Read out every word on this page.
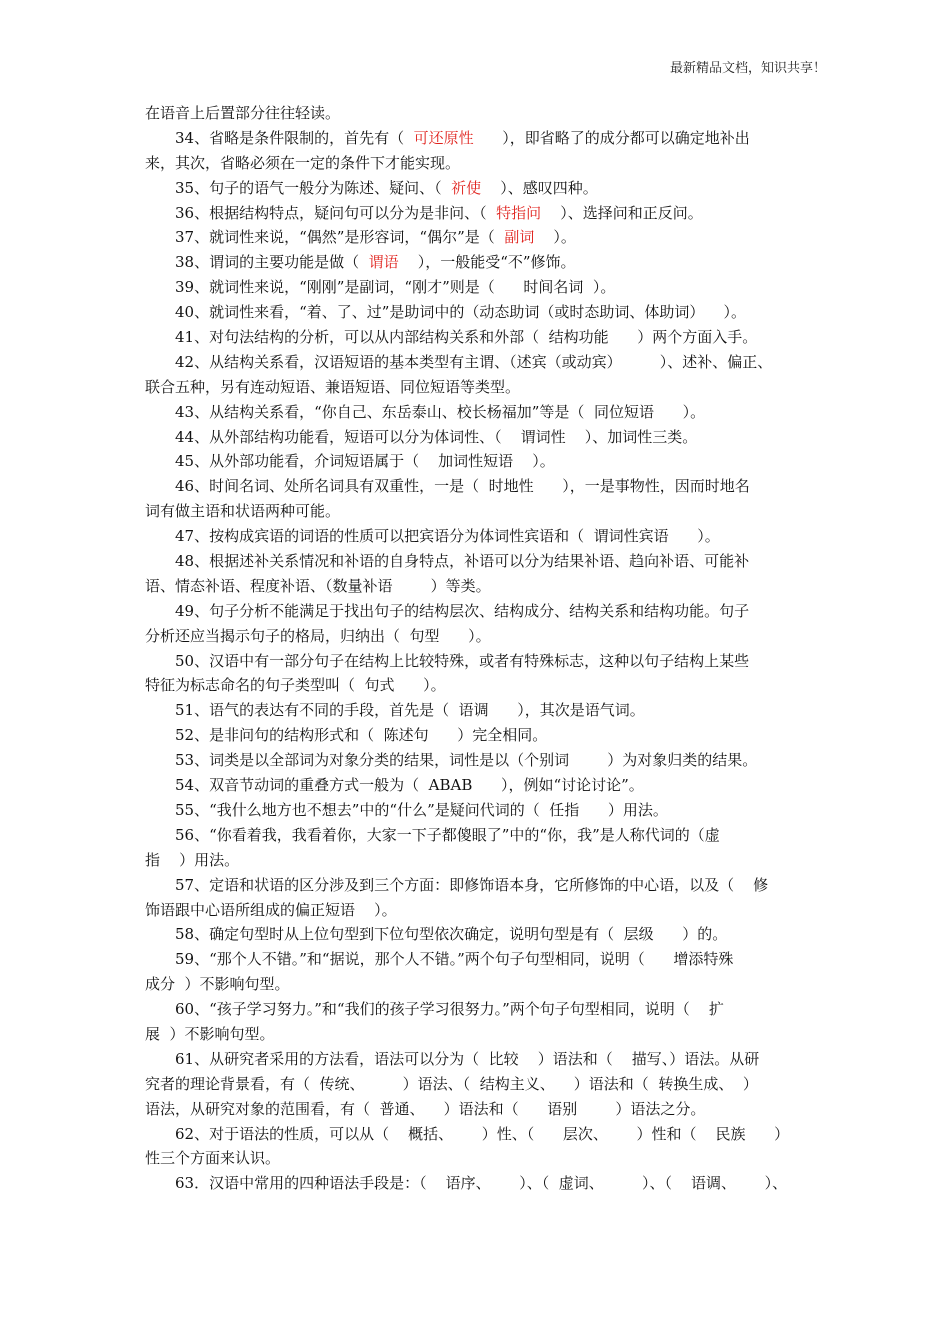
最新精品文档，知识共享！
在语音上后置部分往往轻读。
34、省略是条件限制的，首先有（  可还原性      ），即省略了的成分都可以确定地补出
来，其次，省略必须在一定的条件下才能实现。
35、句子的语气一般分为陈述、疑问、（  祈使    ）、感叹四种。
36、根据结构特点，疑问句可以分为是非问、（  特指问    ）、选择问和正反问。
37、就词性来说，“偶然”是形容词，“偶尔”是（  副词    ）。
38、谓词的主要功能是做（  谓语    ），一般能受“不”修饰。
39、就词性来说，“刚刚”是副词，“刚才”则是（      时间名词  ）。
40、就词性来看，“着、了、过”是助词中的（动态助词（或时态助词、体助词）    ）。
41、对句法结构的分析，可以从内部结构关系和外部（  结构功能      ）两个方面入手。
42、从结构关系看，汉语短语的基本类型有主谓、（述宾（或动宾）        ）、述补、偏正、
联合五种，另有连动短语、兼语短语、同位短语等类型。
43、从结构关系看，“你自己、东岳泰山、校长杨福加”等是（  同位短语      ）。
44、从外部结构功能看，短语可以分为体词性、（    谓词性    ）、加词性三类。
45、从外部功能看，介词短语属于（    加词性短语    ）。
46、时间名词、处所名词具有双重性，一是（  时地性      ），一是事物性，因而时地名
词有做主语和状语两种可能。
47、按构成宾语的词语的性质可以把宾语分为体词性宾语和（  谓词性宾语      ）。
48、根据述补关系情况和补语的自身特点，补语可以分为结果补语、趋向补语、可能补
语、情态补语、程度补语、（数量补语        ）等类。
49、句子分析不能满足于找出句子的结构层次、结构成分、结构关系和结构功能。句子
分析还应当揭示句子的格局，归纳出（  句型      ）。
50、汉语中有一部分句子在结构上比较特殊，或者有特殊标志，这种以句子结构上某些
特征为标志命名的句子类型叫（  句式      ）。
51、语气的表达有不同的手段，首先是（  语调      ），其次是语气词。
52、是非问句的结构形式和（  陈述句      ）完全相同。
53、词类是以全部词为对象分类的结果，词性是以（个别词        ）为对象归类的结果。
54、双音节动词的重叠方式一般为（  ABAB      ），例如“讨论讨论”。
55、“我什么地方也不想去”中的“什么”是疑问代词的（  任指      ）用法。
56、“你看着我，我看着你，大家一下子都傻眼了”中的“你，我”是人称代词的（虚
指    ）用法。
57、定语和状语的区分涉及到三个方面：即修饰语本身，它所修饰的中心语，以及（    修
饰语跟中心语所组成的偏正短语    ）。
58、确定句型时从上位句型到下位句型依次确定，说明句型是有（  层级      ）的。
59、“那个人不错。”和“据说，那个人不错。”两个句子句型相同，说明（      增添特殊
成分  ）不影响句型。
60、“孩子学习努力。”和“我们的孩子学习很努力。”两个句子句型相同，说明（    扩
展  ）不影响句型。
61、从研究者采用的方法看，语法可以分为（  比较    ）语法和（    描写、）语法。从研
究者的理论背景看，有（  传统、        ）语法、（  结构主义、    ）语法和（  转换生成、  ）
语法，从研究对象的范围看，有（  普通、    ）语法和（      语别        ）语法之分。
62、对于语法的性质，可以从（    概括、      ）性、（      层次、      ）性和（    民族      ）
性三个方面来认识。
63．汉语中常用的四种语法手段是：（    语序、      ）、（  虚词、        ）、（    语调、      ）、
